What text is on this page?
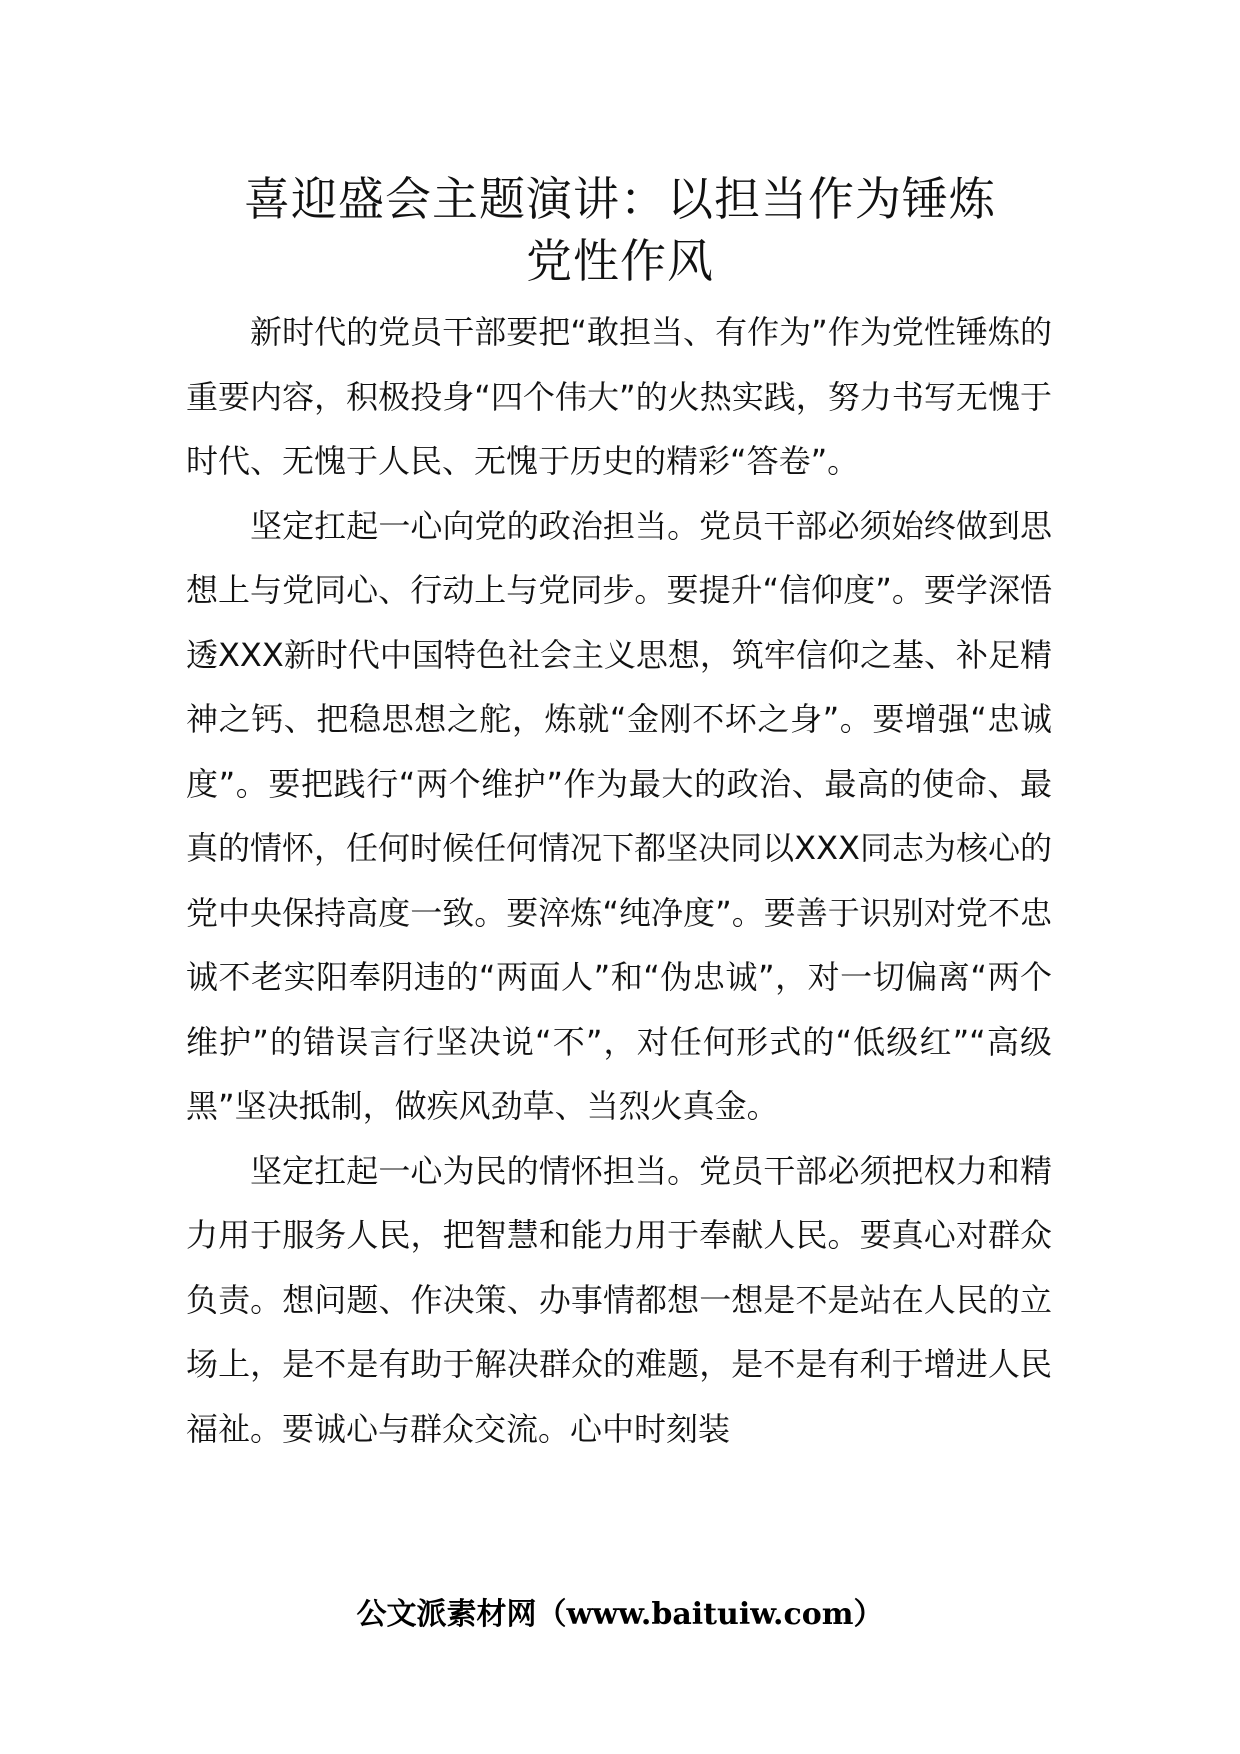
喜迎盛会主题演讲：以担当作为锤炼
党性作风

新时代的党员干部要把“敢担当、有作为”作为党性锤炼的重要内容，积极投身“四个伟大”的火热实践，努力书写无愧于时代、无愧于人民、无愧于历史的精彩“答卷”。

坚定扛起一心向党的政治担当。党员干部必须始终做到思想上与党同心、行动上与党同步。要提升“信仰度”。要学深悟透XXX新时代中国特色社会主义思想，筑牢信仰之基、补足精神之钙、把稳思想之舵，炼就“金刚不坏之身”。要增强“忠诚度”。要把践行“两个维护”作为最大的政治、最高的使命、最真的情怀，任何时候任何情况下都坚决同以XXX同志为核心的党中央保持高度一致。要淬炼“纯净度”。要善于识别对党不忠诚不老实阳奉阴违的“两面人”和“伪忠诚”，对一切偏离“两个维护”的错误言行坚决说“不”，对任何形式的“低级红”“高级黑”坚决抵制，做疾风劲草、当烈火真金。

坚定扛起一心为民的情怀担当。党员干部必须把权力和精力用于服务人民，把智慧和能力用于奉献人民。要真心对群众负责。想问题、作决策、办事情都想一想是不是站在人民的立场上，是不是有助于解决群众的难题，是不是有利于增进人民福祉。要诚心与群众交流。心中时刻装

公文派素材网（www.baituiw.com）
